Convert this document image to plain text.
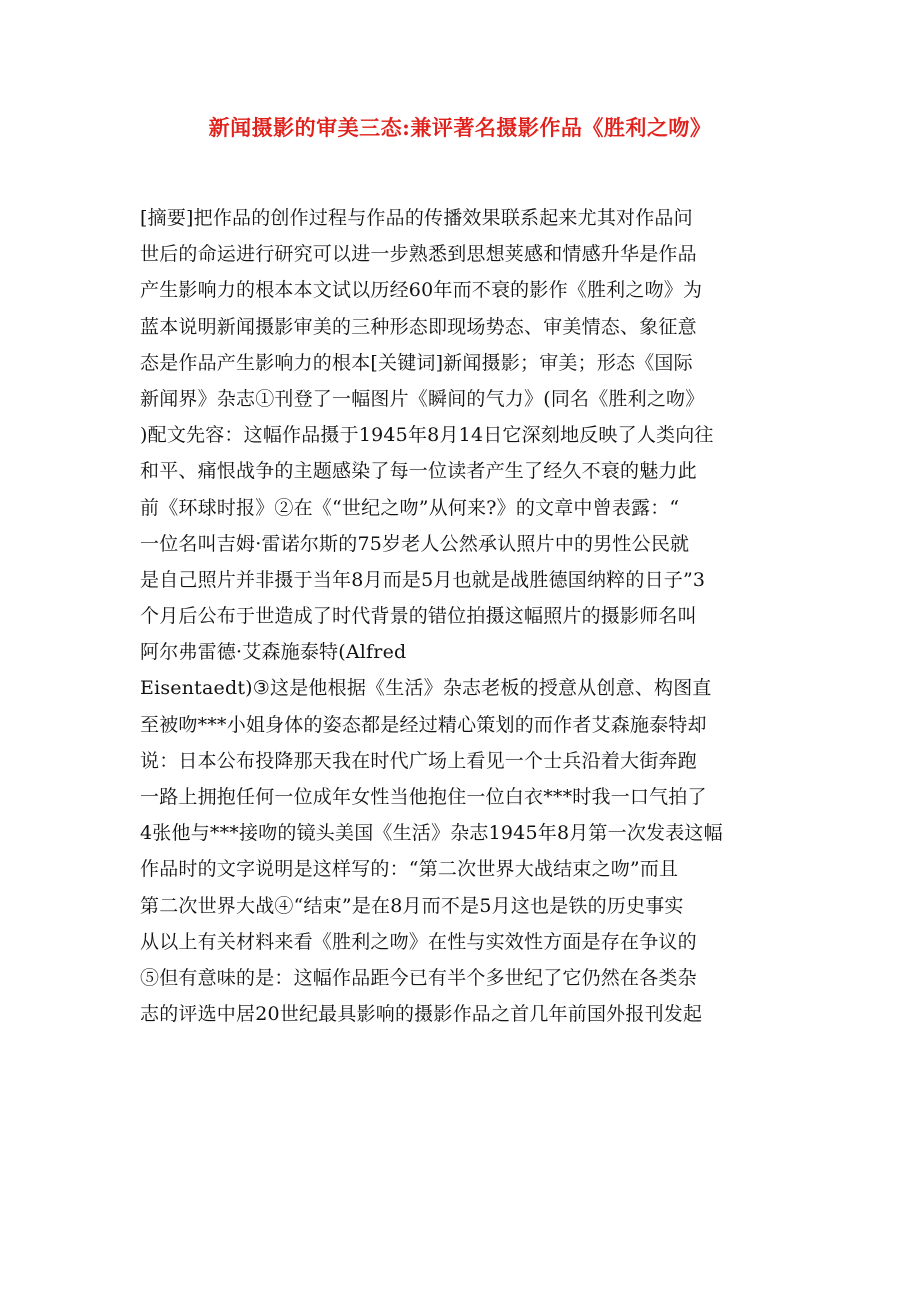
新闻摄影的审美三态:兼评著名摄影作品《胜利之吻》
[摘要]把作品的创作过程与作品的传播效果联系起来尤其对作品问
世后的命运进行研究可以进一步熟悉到思想荚感和情感升华是作品
产生影响力的根本本文试以历经60年而不衰的影作《胜利之吻》为
蓝本说明新闻摄影审美的三种形态即现场势态、审美情态、象征意
态是作品产生影响力的根本[关键词]新闻摄影；审美；形态《国际
新闻界》杂志①刊登了一幅图片《瞬间的气力》(同名《胜利之吻》
)配文先容：这幅作品摄于1945年8月14日它深刻地反映了人类向往
和平、痛恨战争的主题感染了每一位读者产生了经久不衰的魅力此
前《环球时报》②在《“世纪之吻”从何来?》的文章中曾表露：“
一位名叫吉姆·雷诺尔斯的75岁老人公然承认照片中的男性公民就
是自己照片并非摄于当年8月而是5月也就是战胜德国纳粹的日子”3
个月后公布于世造成了时代背景的错位拍摄这幅照片的摄影师名叫
阿尔弗雷德·艾森施泰特(Alfred
Eisentaedt)③这是他根据《生活》杂志老板的授意从创意、构图直
至被吻***小姐身体的姿态都是经过精心策划的而作者艾森施泰特却
说：日本公布投降那天我在时代广场上看见一个士兵沿着大街奔跑
一路上拥抱任何一位成年女性当他抱住一位白衣***时我一口气拍了
4张他与***接吻的镜头美国《生活》杂志1945年8月第一次发表这幅
作品时的文字说明是这样写的：“第二次世界大战结束之吻”而且
第二次世界大战④“结束”是在8月而不是5月这也是铁的历史事实
从以上有关材料来看《胜利之吻》在性与实效性方面是存在争议的
⑤但有意味的是：这幅作品距今已有半个多世纪了它仍然在各类杂
志的评选中居20世纪最具影响的摄影作品之首几年前国外报刊发起
